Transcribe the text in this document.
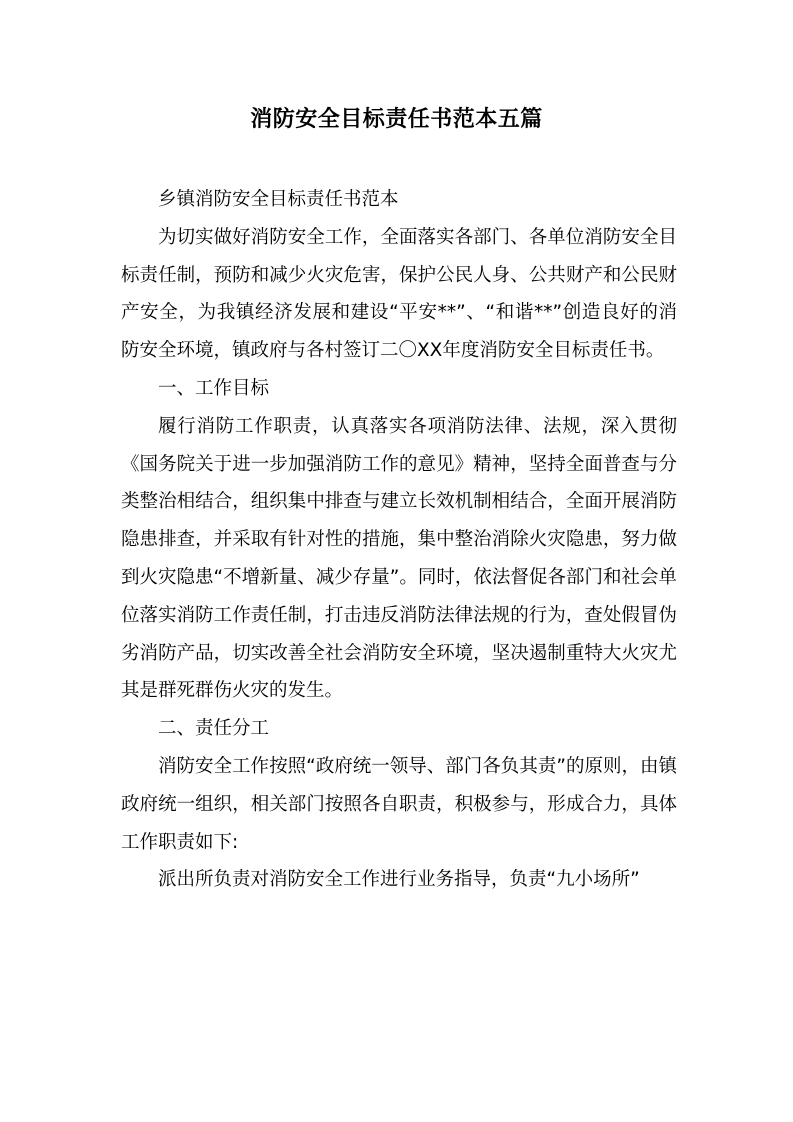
消防安全目标责任书范本五篇

乡镇消防安全目标责任书范本

为切实做好消防安全工作，全面落实各部门、各单位消防安全目标责任制，预防和减少火灾危害，保护公民人身、公共财产和公民财产安全，为我镇经济发展和建设“平安**”、“和谐**”创造良好的消防安全环境，镇政府与各村签订二〇XX年度消防安全目标责任书。

一、工作目标

履行消防工作职责，认真落实各项消防法律、法规，深入贯彻《国务院关于进一步加强消防工作的意见》精神，坚持全面普查与分类整治相结合，组织集中排查与建立长效机制相结合，全面开展消防隐患排查，并采取有针对性的措施，集中整治消除火灾隐患，努力做到火灾隐患“不增新量、减少存量”。同时，依法督促各部门和社会单位落实消防工作责任制，打击违反消防法律法规的行为，查处假冒伪劣消防产品，切实改善全社会消防安全环境，坚决遏制重特大火灾尤其是群死群伤火灾的发生。

二、责任分工

消防安全工作按照“政府统一领导、部门各负其责”的原则，由镇政府统一组织，相关部门按照各自职责，积极参与，形成合力，具体工作职责如下:

派出所负责对消防安全工作进行业务指导，负责“九小场所”
